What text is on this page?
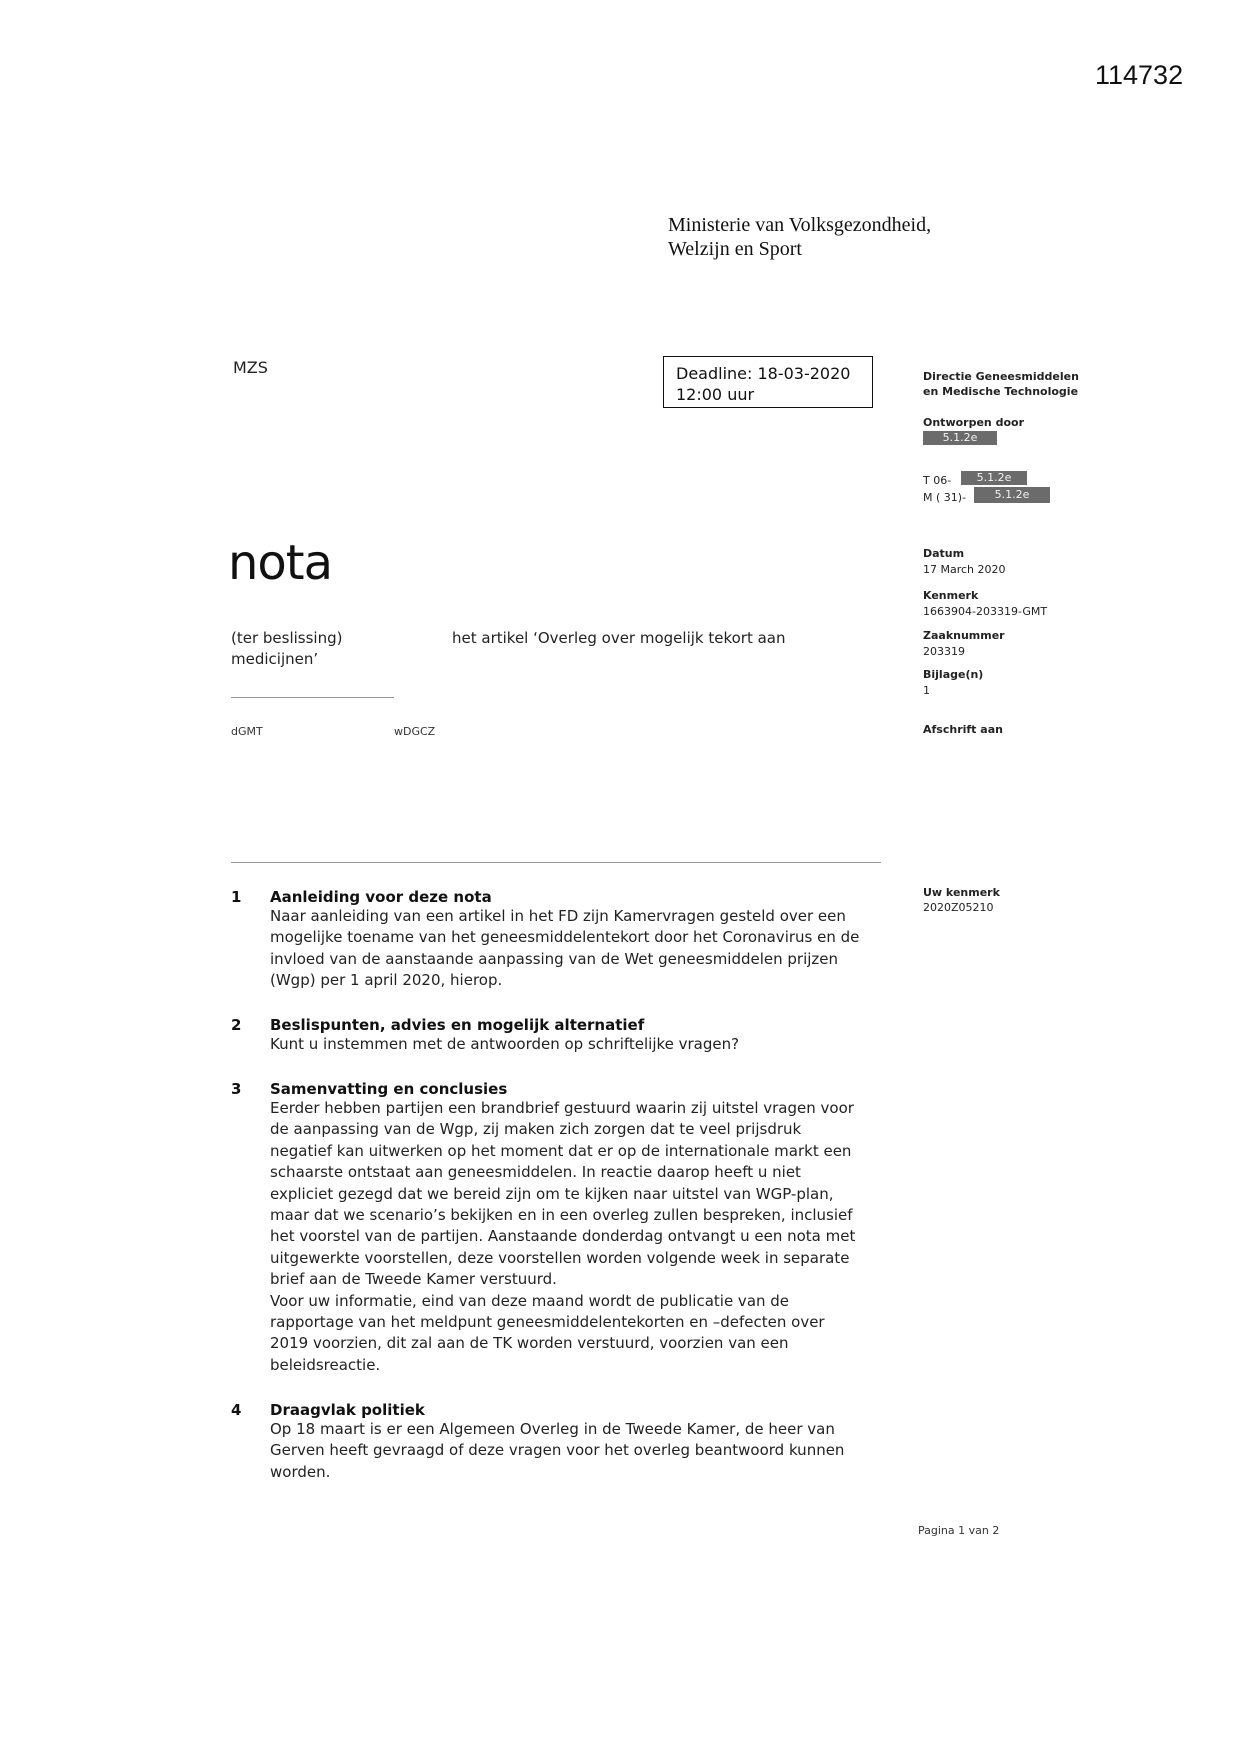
114732
Ministerie van Volksgezondheid,
Welzijn en Sport
MZS	Deadline: 18-03-2020
12:00 uur
Directie Geneesmiddelen
en Medische Technologie
Ontworpen door
5.1.2e
T 06-	5.1.2e
M ( 31)-	5.1.2e
Datum
17 March 2020
Kenmerk
1663904-203319-GMT
Zaaknummer
203319
Bijlage(n)
1
Afschrift aan
Uw kenmerk
2020Z05210
nota
(ter beslissing)	het artikel ‘Overleg over mogelijk tekort aan
medicijnen’
dGMT	wDGCZ
1 Aanleiding voor deze nota
Naar aanleiding van een artikel in het FD zijn Kamervragen gesteld over een
mogelijke toename van het geneesmiddelentekort door het Coronavirus en de
invloed van de aanstaande aanpassing van de Wet geneesmiddelen prijzen
(Wgp) per 1 april 2020, hierop.
2 Beslispunten, advies en mogelijk alternatief
Kunt u instemmen met de antwoorden op schriftelijke vragen?
3 Samenvatting en conclusies
Eerder hebben partijen een brandbrief gestuurd waarin zij uitstel vragen voor
de aanpassing van de Wgp, zij maken zich zorgen dat te veel prijsdruk
negatief kan uitwerken op het moment dat er op de internationale markt een
schaarste ontstaat aan geneesmiddelen. In reactie daarop heeft u niet
expliciet gezegd dat we bereid zijn om te kijken naar uitstel van WGP-plan,
maar dat we scenario’s bekijken en in een overleg zullen bespreken, inclusief
het voorstel van de partijen. Aanstaande donderdag ontvangt u een nota met
uitgewerkte voorstellen, deze voorstellen worden volgende week in separate
brief aan de Tweede Kamer verstuurd.
Voor uw informatie, eind van deze maand wordt de publicatie van de
rapportage van het meldpunt geneesmiddelentekorten en –defecten over
2019 voorzien, dit zal aan de TK worden verstuurd, voorzien van een
beleidsreactie.
4 Draagvlak politiek
Op 18 maart is er een Algemeen Overleg in de Tweede Kamer, de heer van
Gerven heeft gevraagd of deze vragen voor het overleg beantwoord kunnen
worden.
Pagina 1 van 2
